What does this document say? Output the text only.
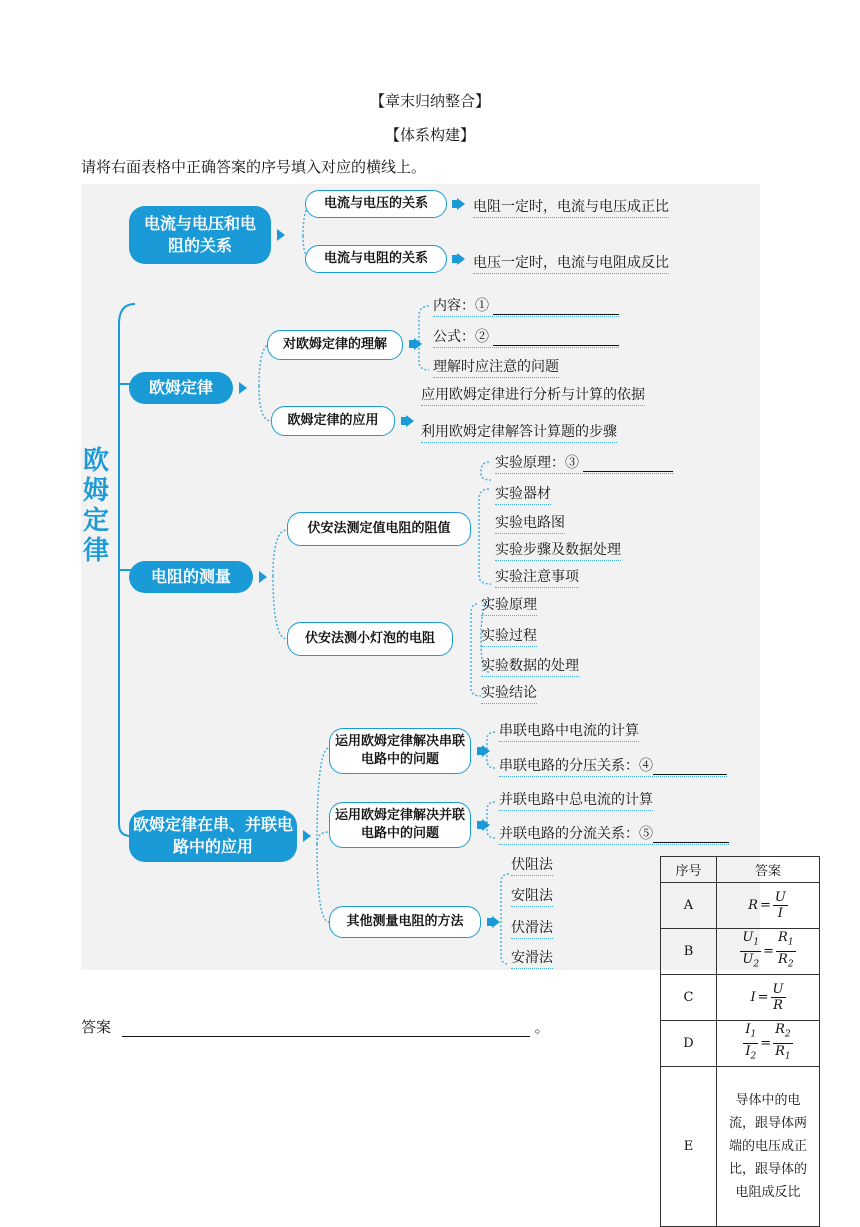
【章末归纳整合】
【体系构建】
请将右面表格中正确答案的序号填入对应的横线上。
欧姆定律
电流与电压和电阻的关系
电流与电压的关系	电阻一定时，电流与电压成正比
电流与电阻的关系	电压一定时，电流与电阻成反比
欧姆定律
对欧姆定律的理解
内容：①
公式：②
理解时应注意的问题
欧姆定律的应用
应用欧姆定律进行分析与计算的依据
利用欧姆定律解答计算题的步骤
电阻的测量
伏安法测定值电阻的阻值
伏安法测小灯泡的电阻
实验原理：③
实验器材
实验电路图
实验步骤及数据处理
实验注意事项
实验原理
实验过程
实验数据的处理
实验结论
欧姆定律在串、并联电路中的应用
运用欧姆定律解决串联电路中的问题
串联电路中电流的计算
串联电路的分压关系：④
运用欧姆定律解决并联电路中的问题
并联电路中总电流的计算
并联电路的分流关系：⑤
其他测量电阻的方法
伏阻法
安阻法
伏滑法
安滑法
答案	。
序号	答案
A	$R = \frac{U}{I}$

B	$\frac{U_1}{U_2} = \frac{R_1}{R_2}$

C	$I = \frac{U}{R}$

D	$\frac{I_1}{I_2} = \frac{R_2}{R_1}$

E	导体中的电流，跟导体两端的电压成正比，跟导体的电阻成反比
